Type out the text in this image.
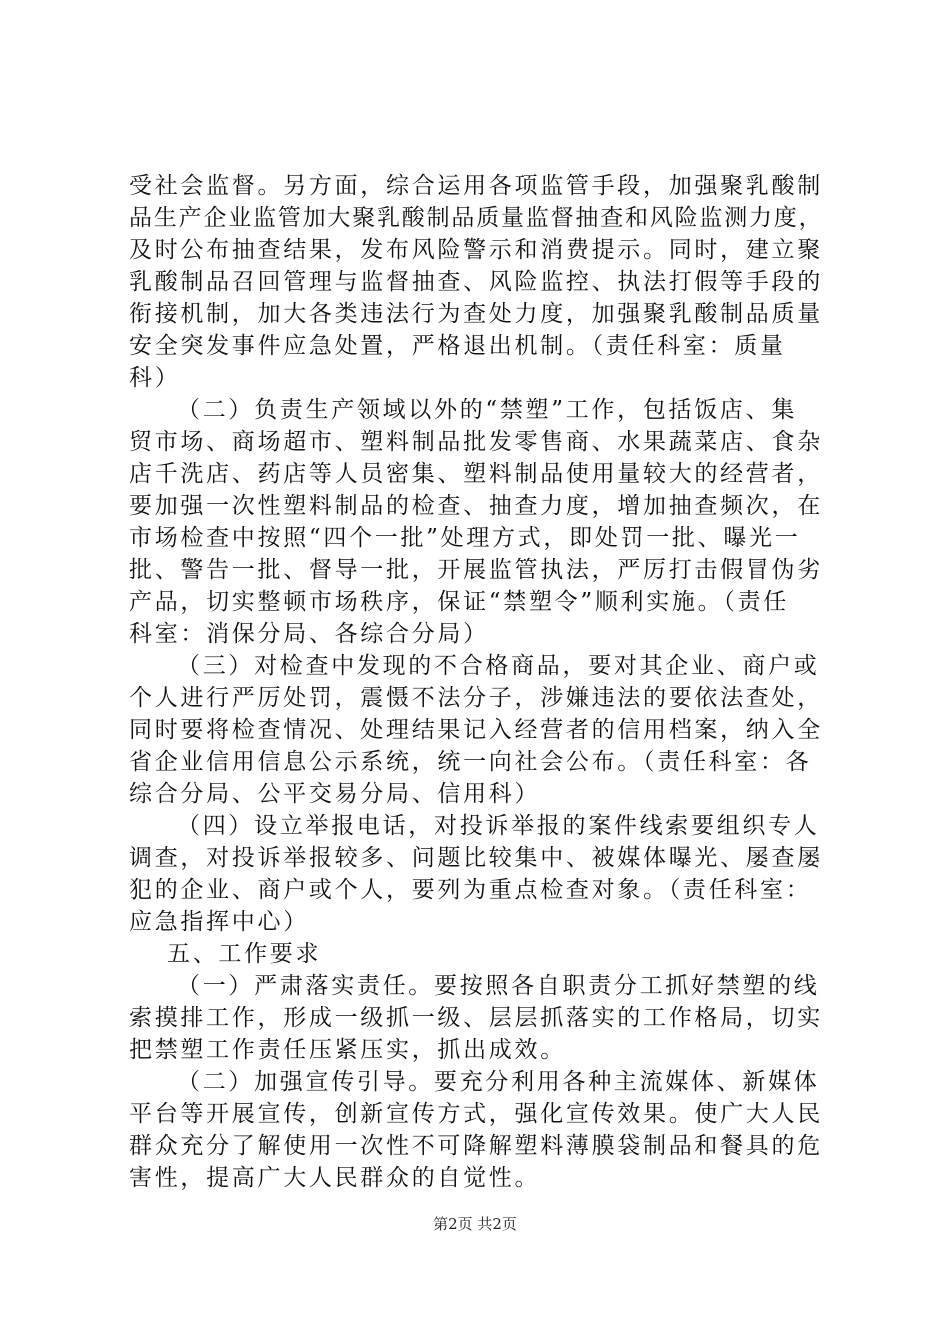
受社会监督。另方面，综合运用各项监管手段，加强聚乳酸制
品生产企业监管加大聚乳酸制品质量监督抽查和风险监测力度，
及时公布抽查结果，发布风险警示和消费提示。同时，建立聚
乳酸制品召回管理与监督抽查、风险监控、执法打假等手段的
衔接机制，加大各类违法行为查处力度，加强聚乳酸制品质量
安全突发事件应急处置，严格退出机制。（责任科室：质量
科）
（二）负责生产领域以外的“禁塑”工作，包括饭店、集
贸市场、商场超市、塑料制品批发零售商、水果蔬菜店、食杂
店千洗店、药店等人员密集、塑料制品使用量较大的经营者，
要加强一次性塑料制品的检查、抽查力度，增加抽查频次，在
市场检查中按照“四个一批”处理方式，即处罚一批、曝光一
批、警告一批、督导一批，开展监管执法，严厉打击假冒伪劣
产品，切实整顿市场秩序，保证“禁塑令”顺利实施。（责任
科室：消保分局、各综合分局）
（三）对检查中发现的不合格商品，要对其企业、商户或
个人进行严厉处罚，震慑不法分子，涉嫌违法的要依法查处，
同时要将检查情况、处理结果记入经营者的信用档案，纳入全
省企业信用信息公示系统，统一向社会公布。（责任科室：各
综合分局、公平交易分局、信用科）
（四）设立举报电话，对投诉举报的案件线索要组织专人
调查，对投诉举报较多、问题比较集中、被媒体曝光、屡查屡
犯的企业、商户或个人，要列为重点检查对象。（责任科室：
应急指挥中心）
五、工作要求
（一）严肃落实责任。要按照各自职责分工抓好禁塑的线
索摸排工作，形成一级抓一级、层层抓落实的工作格局，切实
把禁塑工作责任压紧压实，抓出成效。
（二）加强宣传引导。要充分利用各种主流媒体、新媒体
平台等开展宣传，创新宣传方式，强化宣传效果。使广大人民
群众充分了解使用一次性不可降解塑料薄膜袋制品和餐具的危
害性，提高广大人民群众的自觉性。
第2页 共2页
